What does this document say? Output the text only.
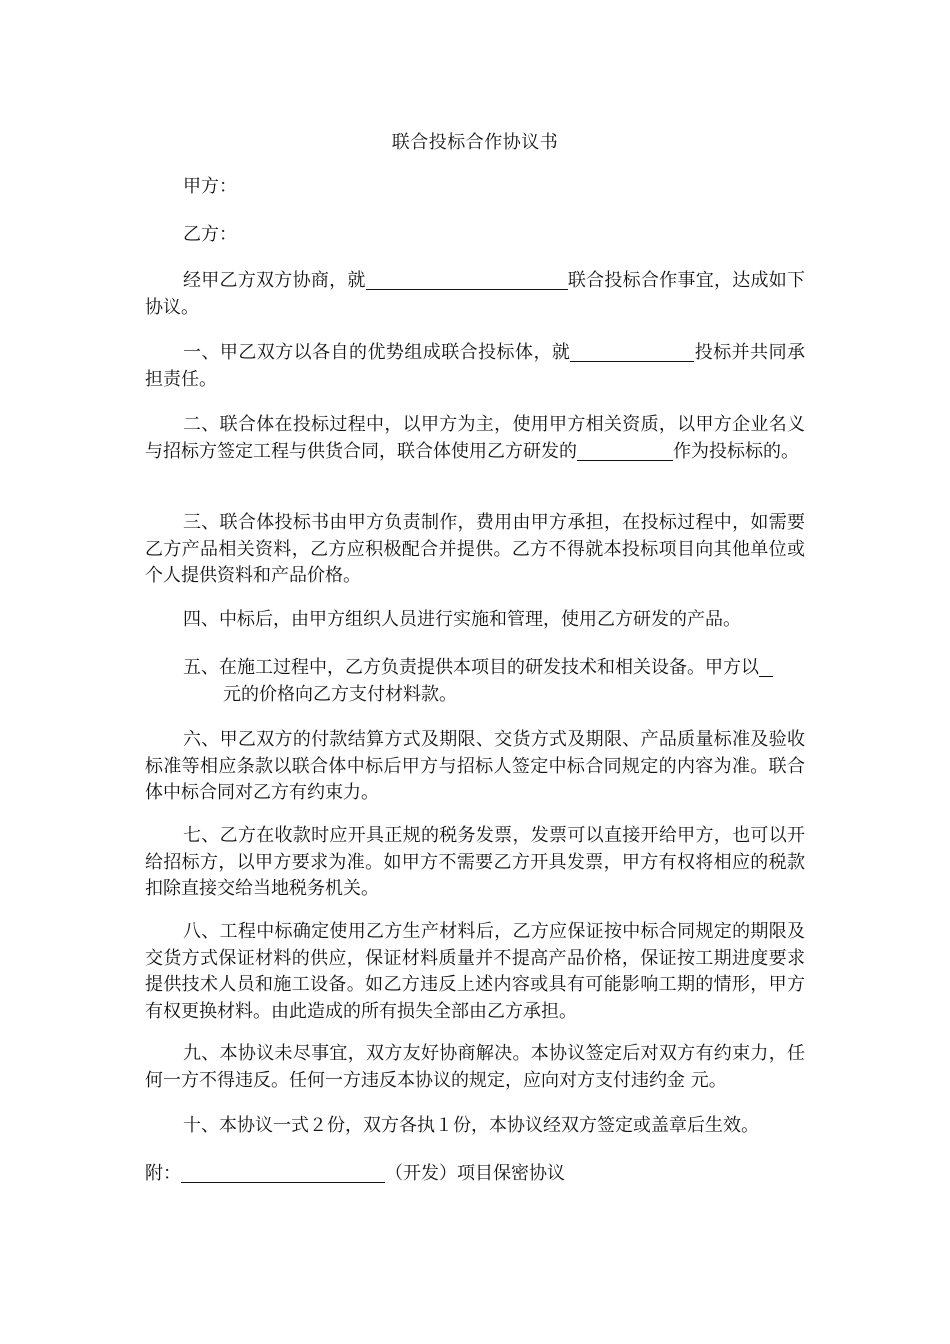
联合投标合作协议书
甲方：
乙方：
经甲乙方双方协商，就	联合投标合作事宜，达成如下协议。
一、甲乙双方以各自的优势组成联合投标体，就	投标并共同承担责任。
二、联合体在投标过程中，以甲方为主，使用甲方相关资质，以甲方企业名义与招标方签定工程与供货合同，联合体使用乙方研发的	作为投标标的。
三、联合体投标书由甲方负责制作，费用由甲方承担，在投标过程中，如需要乙方产品相关资料，乙方应积极配合并提供。乙方不得就本投标项目向其他单位或个人提供资料和产品价格。
四、中标后，由甲方组织人员进行实施和管理，使用乙方研发的产品。
五、在施工过程中，乙方负责提供本项目的研发技术和相关设备。甲方以
元的价格向乙方支付材料款。
六、甲乙双方的付款结算方式及期限、交货方式及期限、产品质量标准及验收标准等相应条款以联合体中标后甲方与招标人签定中标合同规定的内容为准。联合体中标合同对乙方有约束力。
七、乙方在收款时应开具正规的税务发票，发票可以直接开给甲方，也可以开给招标方，以甲方要求为准。如甲方不需要乙方开具发票，甲方有权将相应的税款扣除直接交给当地税务机关。
八、工程中标确定使用乙方生产材料后，乙方应保证按中标合同规定的期限及交货方式保证材料的供应，保证材料质量并不提高产品价格，保证按工期进度要求提供技术人员和施工设备。如乙方违反上述内容或具有可能影响工期的情形，甲方有权更换材料。由此造成的所有损失全部由乙方承担。
九、本协议未尽事宜，双方友好协商解决。本协议签定后对双方有约束力，任何一方不得违反。任何一方违反本协议的规定，应向对方支付违约金 元。
十、本协议一式２份，双方各执１份，本协议经双方签定或盖章后生效。
附：	（开发）项目保密协议
